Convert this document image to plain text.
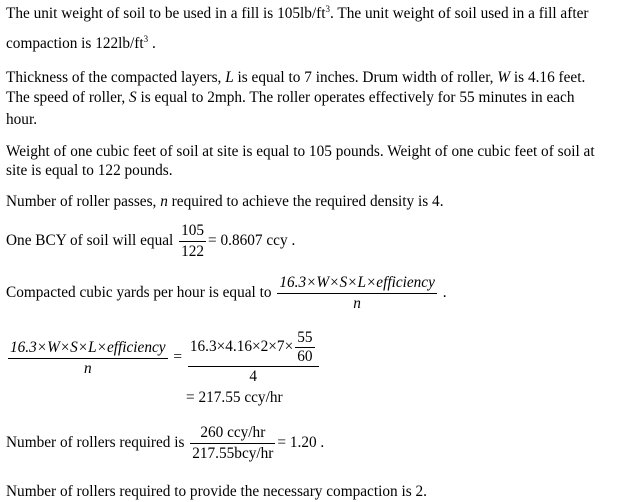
The unit weight of soil to be used in a fill is $105lb/ft^3$. The unit weight of soil used in a fill after
compaction is $122lb/ft^3$ .
Thickness of the compacted layers, L is equal to 7 inches. Drum width of roller, W is 4.16 feet.
The speed of roller, S is equal to 2mph. The roller operates effectively for 55 minutes in each
hour.
Weight of one cubic feet of soil at site is equal to 105 pounds. Weight of one cubic feet of soil at
site is equal to 122 pounds.
Number of roller passes, n required to achieve the required density is 4.
One BCY of soil will equal $\frac{105}{122} = 0.8607$ ccy .
Compacted cubic yards per hour is equal to $\frac{\text{16.3×W×S×L×efficiency}}{n}$ .
$\frac{\text{16.3×W×S×L×efficiency}}{n} = \frac{16.3\times 4.16\times 2\times 7\times \frac{55}{60}}{4}$
= 217.55 ccy/hr
Number of rollers required is $\frac{\text{260 ccy/hr}}{\text{217.55bcy/hr}} = 1.20$ .
Number of rollers required to provide the necessary compaction is 2.
